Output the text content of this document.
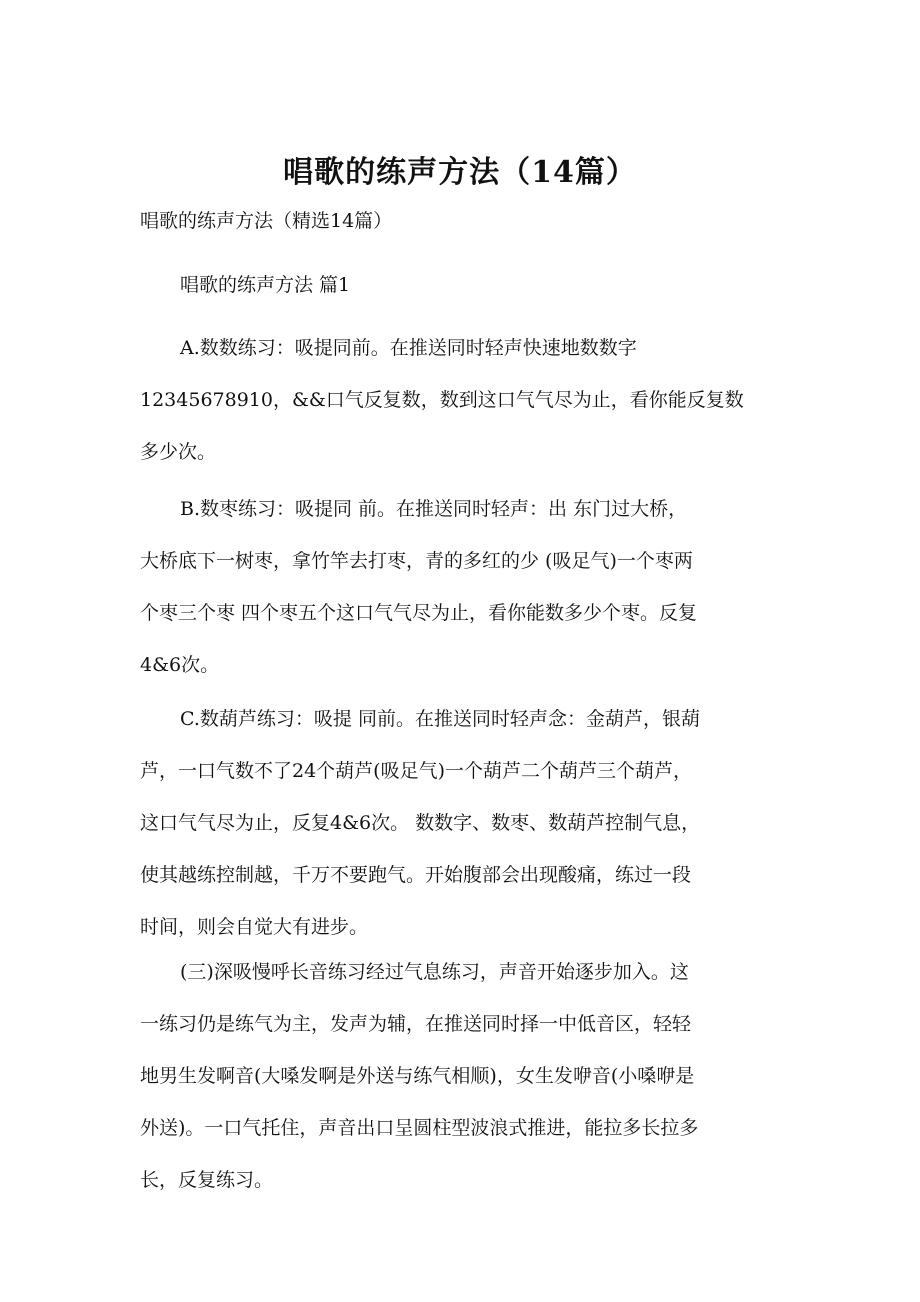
唱歌的练声方法（14篇）
唱歌的练声方法（精选14篇）
唱歌的练声方法 篇1
A.数数练习：吸提同前。在推送同时轻声快速地数数字
12345678910，&&口气反复数，数到这口气气尽为止，看你能反复数
多少次。
B.数枣练习：吸提同 前。在推送同时轻声：出 东门过大桥，
大桥底下一树枣，拿竹竿去打枣，青的多红的少 (吸足气)一个枣两
个枣三个枣 四个枣五个这口气气尽为止，看你能数多少个枣。反复
4&6次。
C.数葫芦练习：吸提 同前。在推送同时轻声念：金葫芦，银葫
芦，一口气数不了24个葫芦(吸足气)一个葫芦二个葫芦三个葫芦，
这口气气尽为止，反复4&6次。 数数字、数枣、数葫芦控制气息，
使其越练控制越，千万不要跑气。开始腹部会出现酸痛，练过一段
时间，则会自觉大有进步。
(三)深吸慢呼长音练习经过气息练习，声音开始逐步加入。这
一练习仍是练气为主，发声为辅，在推送同时择一中低音区，轻轻
地男生发啊音(大嗓发啊是外送与练气相顺)，女生发咿音(小嗓咿是
外送)。一口气托住，声音出口呈圆柱型波浪式推进，能拉多长拉多
长，反复练习。
